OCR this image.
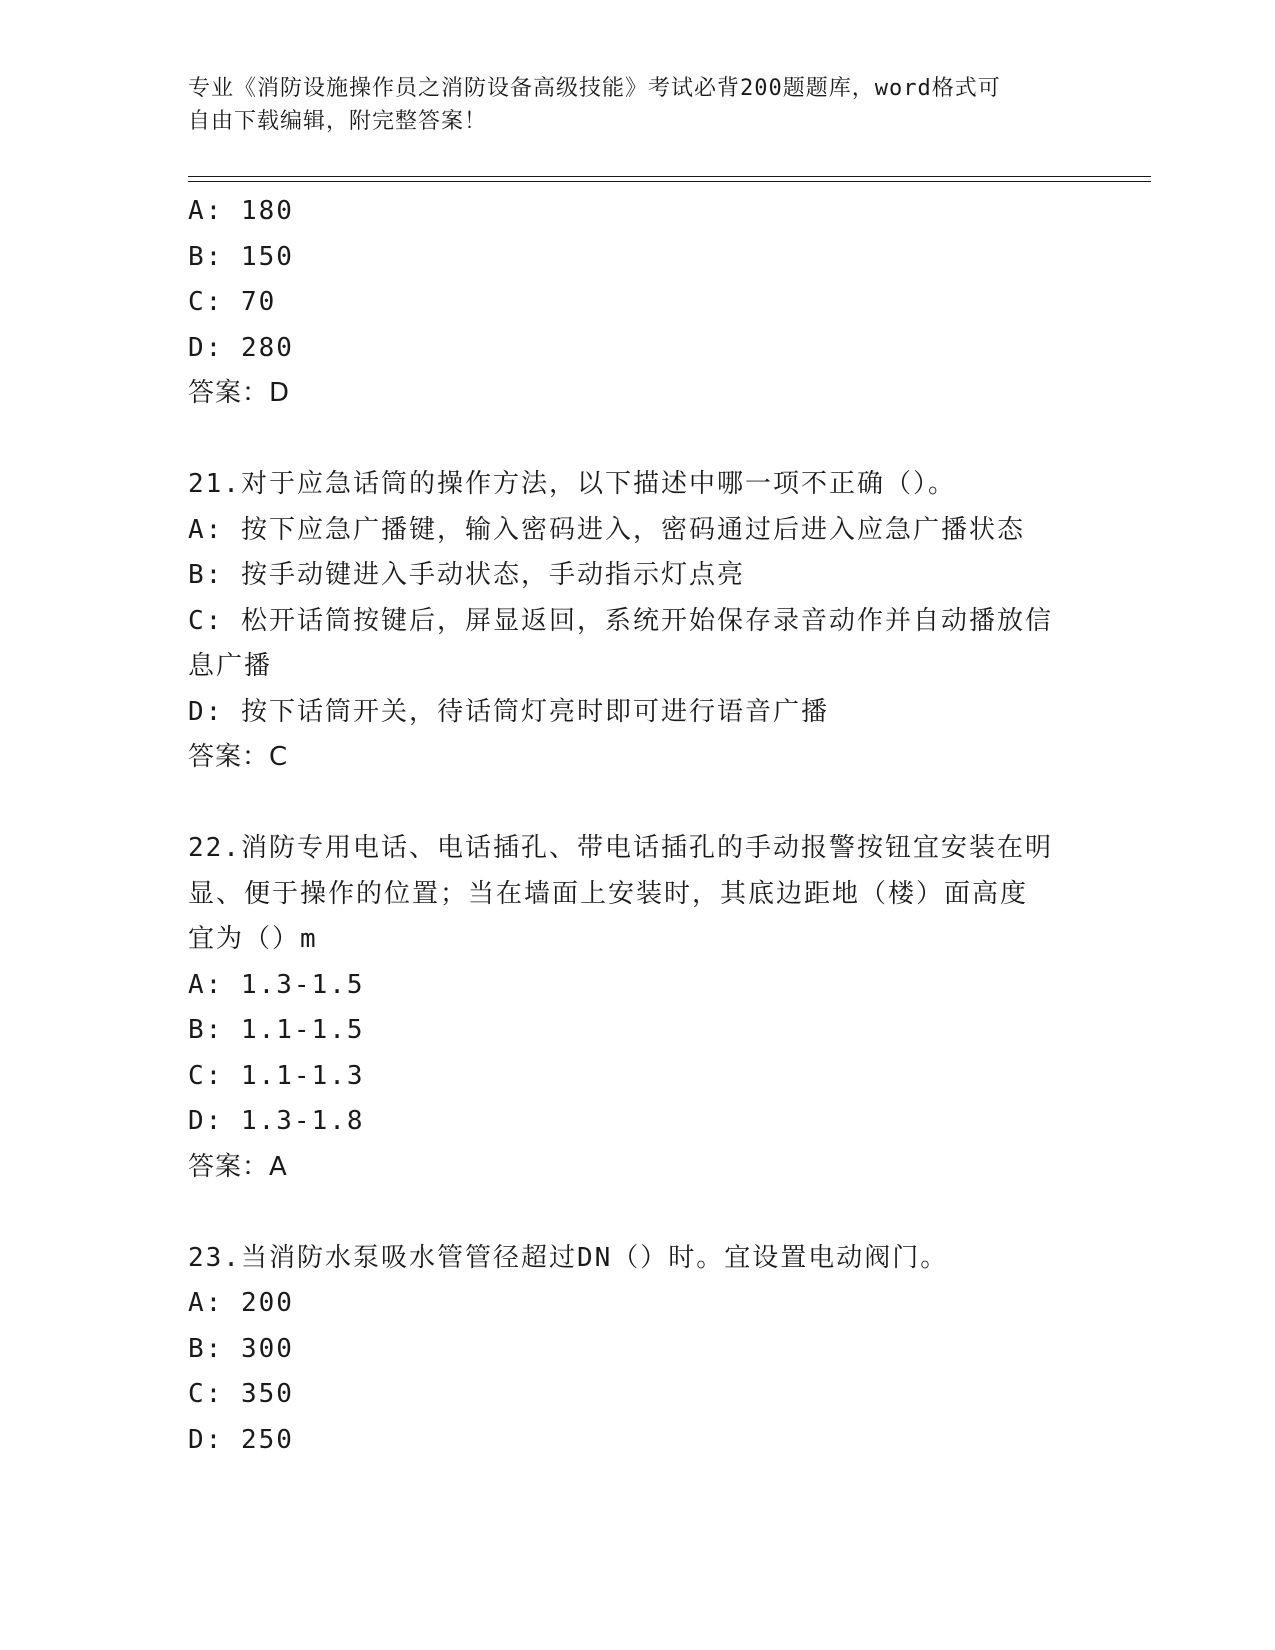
专业《消防设施操作员之消防设备高级技能》考试必背200题题库，word格式可
自由下载编辑，附完整答案！
A: 180
B: 150
C: 70
D: 280
答案：D
21.对于应急话筒的操作方法，以下描述中哪一项不正确（）。
A: 按下应急广播键，输入密码进入，密码通过后进入应急广播状态
B: 按手动键进入手动状态，手动指示灯点亮
C: 松开话筒按键后，屏显返回，系统开始保存录音动作并自动播放信
息广播
D: 按下话筒开关，待话筒灯亮时即可进行语音广播
答案：C
22.消防专用电话、电话插孔、带电话插孔的手动报警按钮宜安装在明
显、便于操作的位置；当在墙面上安装时，其底边距地（楼）面高度
宜为（）m
A: 1.3-1.5
B: 1.1-1.5
C: 1.1-1.3
D: 1.3-1.8
答案：A
23.当消防水泵吸水管管径超过DN（）时。宜设置电动阀门。
A: 200
B: 300
C: 350
D: 250
